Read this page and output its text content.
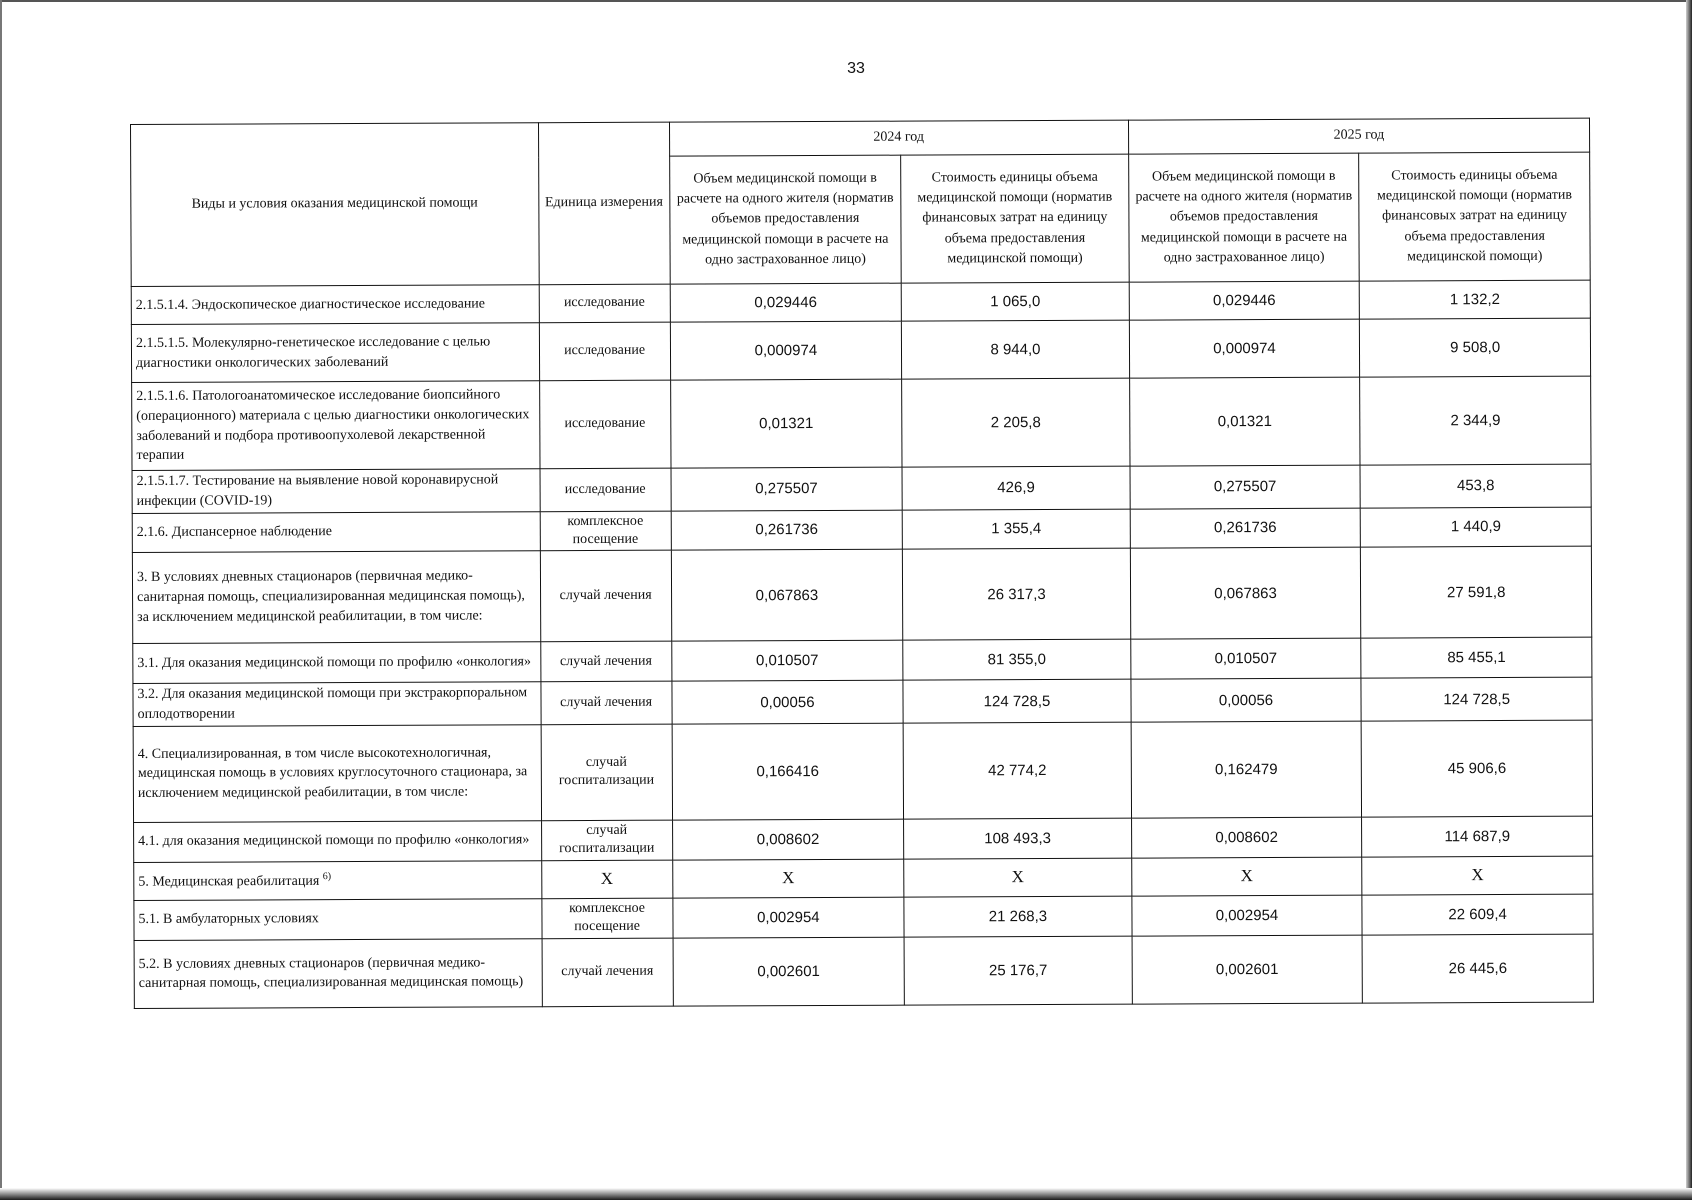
33
Виды и условия оказания медицинской помощи	Единица измерения	2024 год		2025 год	
		Объем медицинской помощи в расчете на одного жителя (норматив объемов предоставления медицинской помощи в расчете на одно застрахованное лицо)	Стоимость единицы объема медицинской помощи (норматив финансовых затрат на единицу объема предоставления медицинской помощи)	Объем медицинской помощи в расчете на одного жителя (норматив объемов предоставления медицинской помощи в расчете на одно застрахованное лицо)	Стоимость единицы объема медицинской помощи (норматив финансовых затрат на единицу объема предоставления медицинской помощи)
2.1.5.1.4. Эндоскопическое диагностическое исследование	исследование	0,029446	1 065,0	0,029446	1 132,2
2.1.5.1.5. Молекулярно-генетическое исследование с целью диагностики онкологических заболеваний	исследование	0,000974	8 944,0	0,000974	9 508,0
2.1.5.1.6. Патологоанатомическое исследование биопсийного (операционного) материала с целью диагностики онкологических заболеваний и подбора противоопухолевой лекарственной терапии	исследование	0,01321	2 205,8	0,01321	2 344,9
2.1.5.1.7. Тестирование на выявление новой коронавирусной инфекции (COVID-19)	исследование	0,275507	426,9	0,275507	453,8
2.1.6. Диспансерное наблюдение	комплексное посещение	0,261736	1 355,4	0,261736	1 440,9
3. В условиях дневных стационаров (первичная медико-санитарная помощь, специализированная медицинская помощь), за исключением медицинской реабилитации, в том числе:	случай лечения	0,067863	26 317,3	0,067863	27 591,8
3.1. Для оказания медицинской помощи по профилю «онкология»	случай лечения	0,010507	81 355,0	0,010507	85 455,1
3.2. Для оказания медицинской помощи при экстракорпоральном оплодотворении	случай лечения	0,00056	124 728,5	0,00056	124 728,5
4. Специализированная, в том числе высокотехнологичная, медицинская помощь в условиях круглосуточного стационара, за исключением медицинской реабилитации, в том числе:	случай госпитализации	0,166416	42 774,2	0,162479	45 906,6
4.1. для оказания медицинской помощи по профилю «онкология»	случай госпитализации	0,008602	108 493,3	0,008602	114 687,9
5. Медицинская реабилитация $^{6)}$	Х	Х	Х	Х	Х
5.1. В амбулаторных условиях	комплексное посещение	0,002954	21 268,3	0,002954	22 609,4
5.2. В условиях дневных стационаров (первичная медико-санитарная помощь, специализированная медицинская помощь)	случай лечения	0,002601	25 176,7	0,002601	26 445,6
